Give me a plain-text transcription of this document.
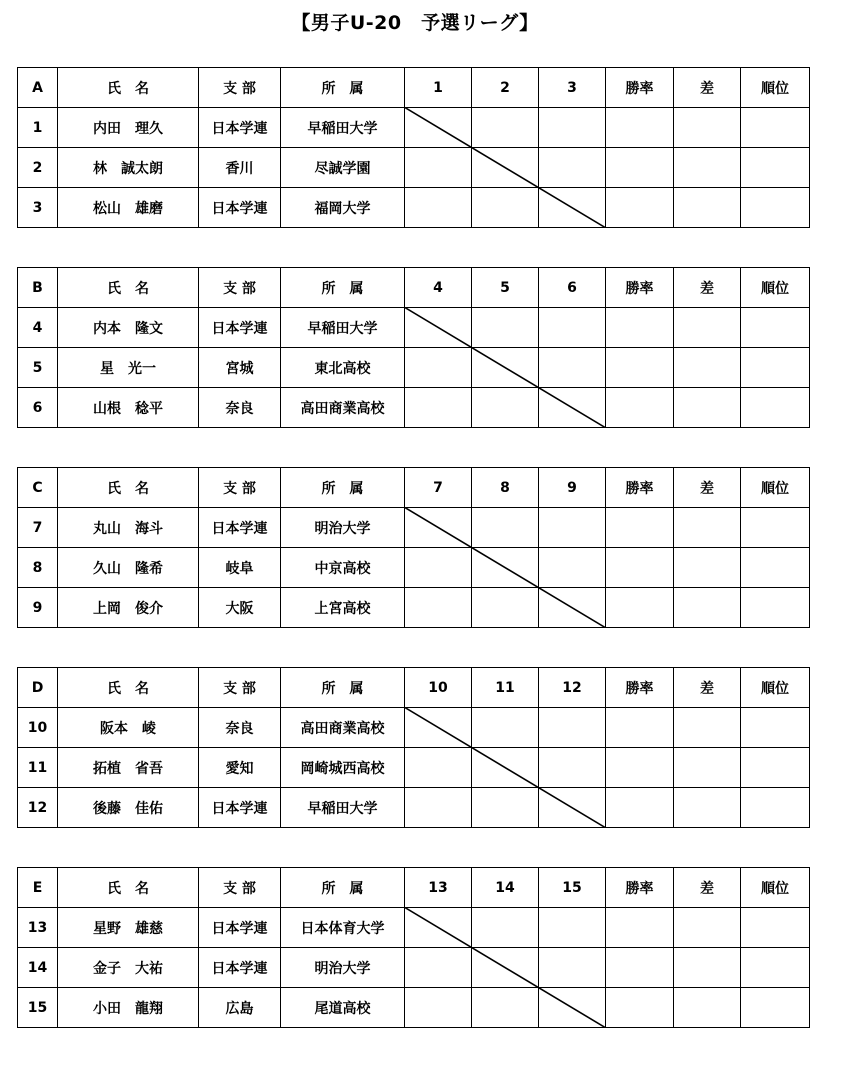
【男子U-20　予選リーグ】
A	氏　名	支 部	所　属	1	2	3	勝率	差	順位
1	内田　理久	日本学連	早稲田大学						
2	林　誠太朗	香川	尽誠学園						
3	松山　雄磨	日本学連	福岡大学						
B	氏　名	支 部	所　属	4	5	6	勝率	差	順位
4	内本　隆文	日本学連	早稲田大学						
5	星　光一	宮城	東北高校						
6	山根　稔平	奈良	高田商業高校						
C	氏　名	支 部	所　属	7	8	9	勝率	差	順位
7	丸山　海斗	日本学連	明治大学						
8	久山　隆希	岐阜	中京高校						
9	上岡　俊介	大阪	上宮高校						
D	氏　名	支 部	所　属	10	11	12	勝率	差	順位
10	阪本　崚	奈良	高田商業高校						
11	拓植　省吾	愛知	岡崎城西高校						
12	後藤　佳佑	日本学連	早稲田大学						
E	氏　名	支 部	所　属	13	14	15	勝率	差	順位
13	星野　雄慈	日本学連	日本体育大学						
14	金子　大祐	日本学連	明治大学						
15	小田　龍翔	広島	尾道高校						
